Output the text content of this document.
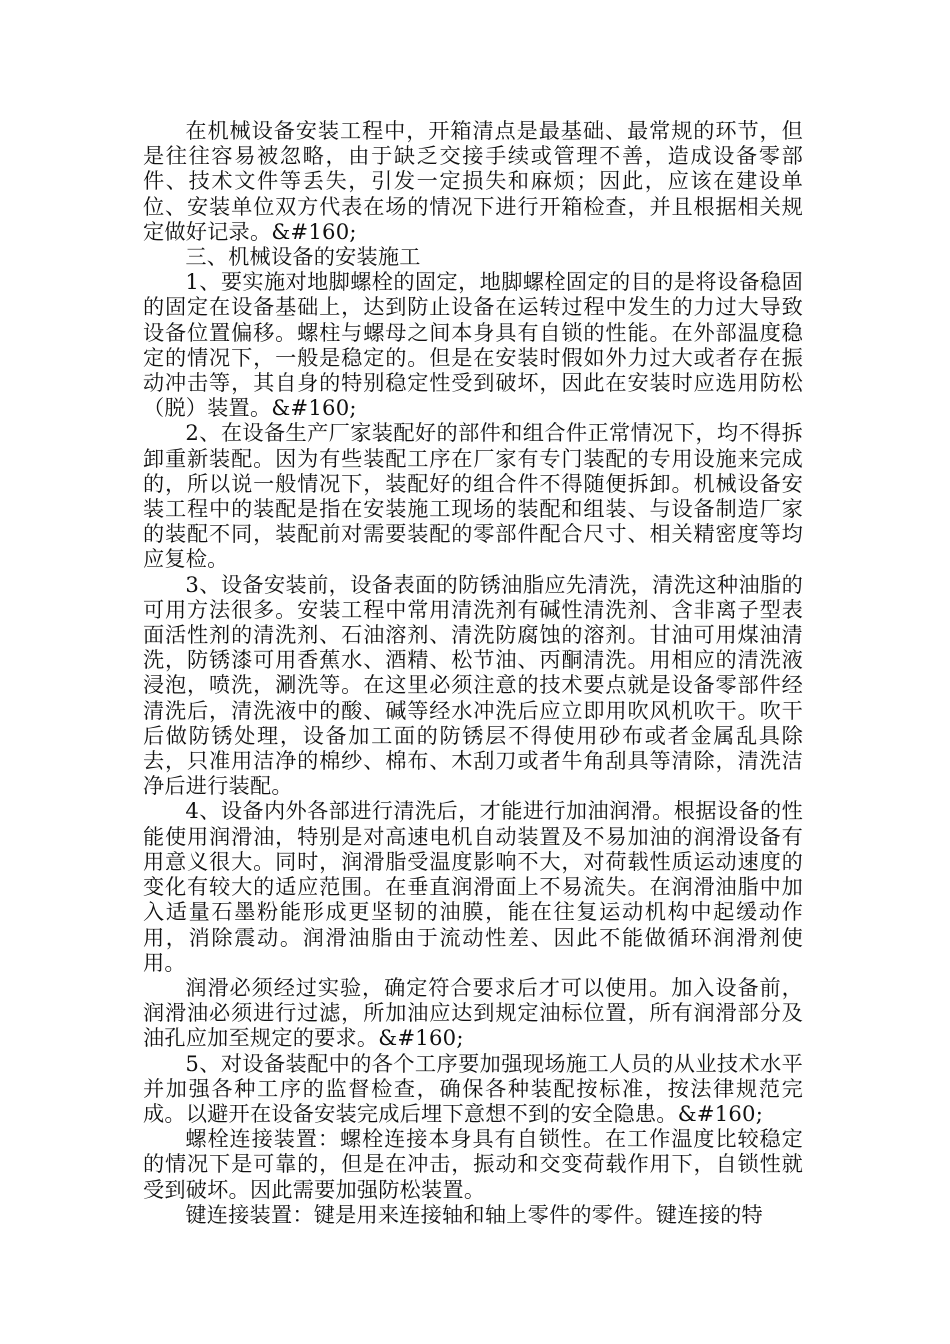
在机械设备安装工程中，开箱清点是最基础、最常规的环节，但是往往容易被忽略，由于缺乏交接手续或管理不善，造成设备零部件、技术文件等丢失，引发一定损失和麻烦；因此，应该在建设单位、安装单位双方代表在场的情况下进行开箱检查，并且根据相关规定做好记录。&#160;

三、机械设备的安装施工

1、要实施对地脚螺栓的固定，地脚螺栓固定的目的是将设备稳固的固定在设备基础上，达到防止设备在运转过程中发生的力过大导致设备位置偏移。螺柱与螺母之间本身具有自锁的性能。在外部温度稳定的情况下，一般是稳定的。但是在安装时假如外力过大或者存在振动冲击等，其自身的特别稳定性受到破坏，因此在安装时应选用防松（脱）装置。&#160;

2、在设备生产厂家装配好的部件和组合件正常情况下，均不得拆卸重新装配。因为有些装配工序在厂家有专门装配的专用设施来完成的，所以说一般情况下，装配好的组合件不得随便拆卸。机械设备安装工程中的装配是指在安装施工现场的装配和组装、与设备制造厂家的装配不同，装配前对需要装配的零部件配合尺寸、相关精密度等均应复检。

3、设备安装前，设备表面的防锈油脂应先清洗，清洗这种油脂的可用方法很多。安装工程中常用清洗剂有碱性清洗剂、含非离子型表面活性剂的清洗剂、石油溶剂、清洗防腐蚀的溶剂。甘油可用煤油清洗，防锈漆可用香蕉水、酒精、松节油、丙酮清洗。用相应的清洗液浸泡，喷洗，涮洗等。在这里必须注意的技术要点就是设备零部件经清洗后，清洗液中的酸、碱等经水冲洗后应立即用吹风机吹干。吹干后做防锈处理，设备加工面的防锈层不得使用砂布或者金属乱具除去，只准用洁净的棉纱、棉布、木刮刀或者牛角刮具等清除，清洗洁净后进行装配。

4、设备内外各部进行清洗后，才能进行加油润滑。根据设备的性能使用润滑油，特别是对高速电机自动装置及不易加油的润滑设备有用意义很大。同时，润滑脂受温度影响不大，对荷载性质运动速度的变化有较大的适应范围。在垂直润滑面上不易流失。在润滑油脂中加入适量石墨粉能形成更坚韧的油膜，能在往复运动机构中起缓动作用，消除震动。润滑油脂由于流动性差、因此不能做循环润滑剂使用。

润滑必须经过实验，确定符合要求后才可以使用。加入设备前，润滑油必须进行过滤，所加油应达到规定油标位置，所有润滑部分及油孔应加至规定的要求。&#160;

5、对设备装配中的各个工序要加强现场施工人员的从业技术水平并加强各种工序的监督检查，确保各种装配按标准，按法律规范完成。以避开在设备安装完成后埋下意想不到的安全隐患。&#160;

螺栓连接装置：螺栓连接本身具有自锁性。在工作温度比较稳定的情况下是可靠的，但是在冲击，振动和交变荷载作用下，自锁性就受到破坏。因此需要加强防松装置。

键连接装置：键是用来连接轴和轴上零件的零件。键连接的特
